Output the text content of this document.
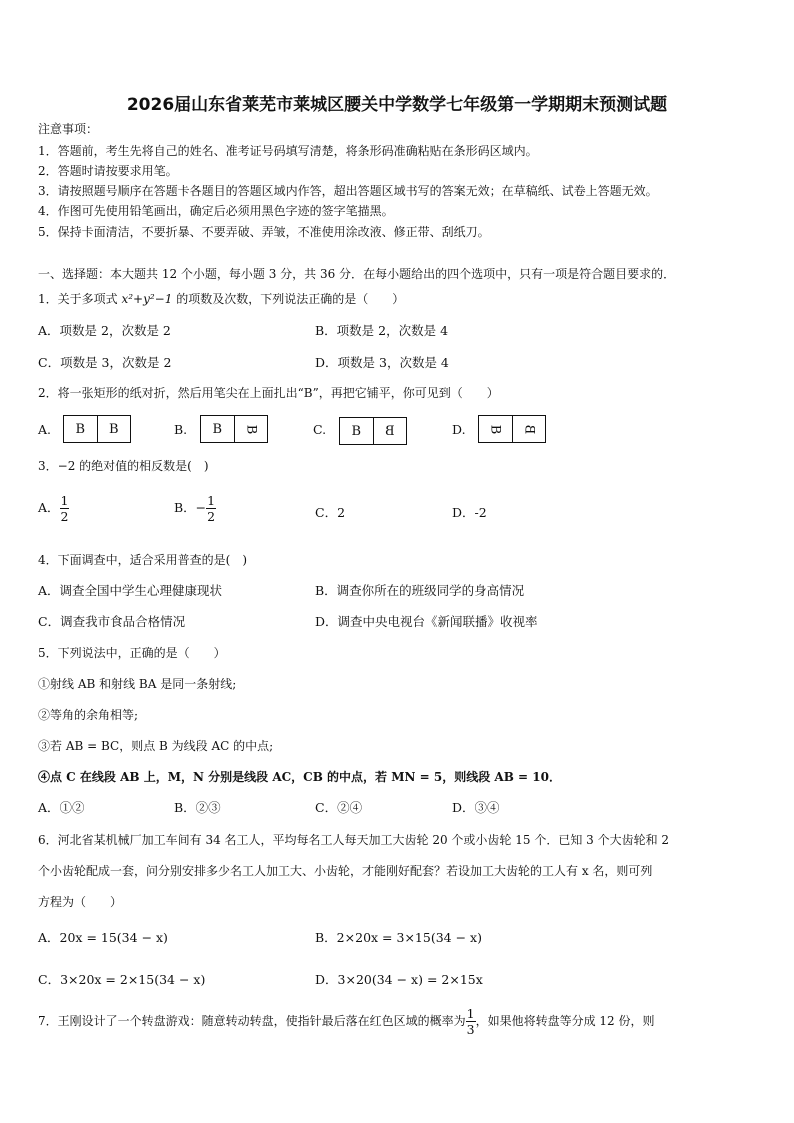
2026届山东省莱芜市莱城区腰关中学数学七年级第一学期期末预测试题
注意事项：
1．答题前，考生先将自己的姓名、准考证号码填写清楚，将条形码准确粘贴在条形码区域内。
2．答题时请按要求用笔。
3．请按照题号顺序在答题卡各题目的答题区域内作答，超出答题区域书写的答案无效；在草稿纸、试卷上答题无效。
4．作图可先使用铅笔画出，确定后必须用黑色字迹的签字笔描黑。
5．保持卡面清洁，不要折暴、不要弄破、弄皱，不准使用涂改液、修正带、刮纸刀。
一、选择题：本大题共 12 个小题，每小题 3 分，共 36 分．在每小题给出的四个选项中，只有一项是符合题目要求的．
1．关于多项式 x²+y²−1 的项数及次数，下列说法正确的是（　　）
A．项数是 2，次数是 2	B．项数是 2，次数是 4
C．项数是 3，次数是 2	D．项数是 3，次数是 4
2．将一张矩形的纸对折，然后用笔尖在上面扎出“B”，再把它铺平，你可见到（　　）
A. B B	B. B B	C. B B	D. B B
3．−2 的绝对值的相反数是(　)
A． $\frac{1}{2}$	B．− $\frac{1}{2}$	C．2	D．-2
4．下面调查中，适合采用普查的是(　)
A．调查全国中学生心理健康现状	B．调查你所在的班级同学的身高情况
C．调查我市食品合格情况	D．调查中央电视台《新闻联播》收视率
5．下列说法中，正确的是（　　）
①射线 AB 和射线 BA 是同一条射线;
②等角的余角相等;
③若 AB = BC，则点 B 为线段 AC 的中点;
④点 C 在线段 AB 上，M，N 分别是线段 AC，CB 的中点，若 MN = 5，则线段 AB = 10．
A．①②	B．②③	C．②④	D．③④
6．河北省某机械厂加工车间有 34 名工人，平均每名工人每天加工大齿轮 20 个或小齿轮 15 个．已知 3 个大齿轮和 2
个小齿轮配成一套，问分别安排多少名工人加工大、小齿轮，才能刚好配套？若设加工大齿轮的工人有 x 名，则可列
方程为（　　）
A．20x = 15(34 − x)	B．2×20x = 3×15(34 − x)
C．3×20x = 2×15(34 − x)	D．3×20(34 − x) = 2×15x
7．王刚设计了一个转盘游戏：随意转动转盘，使指针最后落在红色区域的概率为 $\frac{1}{3}$ ，如果他将转盘等分成 12 份，则
